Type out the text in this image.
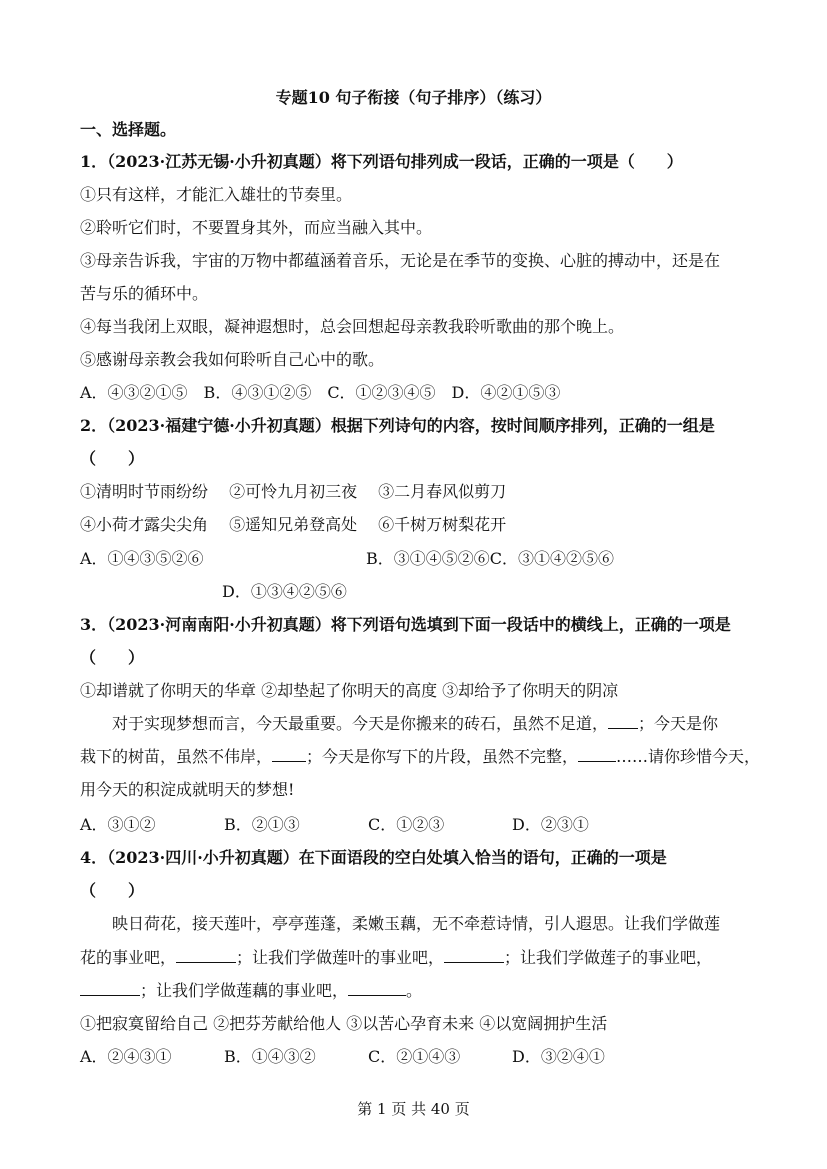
专题10 句子衔接（句子排序）（练习）
一、选择题。
1．（2023·江苏无锡·小升初真题）将下列语句排列成一段话，正确的一项是（　　）
①只有这样，才能汇入雄壮的节奏里。
②聆听它们时，不要置身其外，而应当融入其中。
③母亲告诉我，宇宙的万物中都蕴涵着音乐，无论是在季节的变换、心脏的搏动中，还是在
苦与乐的循环中。
④每当我闭上双眼，凝神遐想时，总会回想起母亲教我聆听歌曲的那个晚上。
⑤感谢母亲教会我如何聆听自己心中的歌。
A．④③②①⑤　B．④③①②⑤　C．①②③④⑤　D．④②①⑤③
2．（2023·福建宁德·小升初真题）根据下列诗句的内容，按时间顺序排列，正确的一组是
（　　）
①清明时节雨纷纷　 ②可怜九月初三夜　 ③二月春风似剪刀
④小荷才露尖尖角　 ⑤遥知兄弟登高处　 ⑥千树万树梨花开
A．①④③⑤②⑥	B．③①④⑤②⑥C．③①④②⑤⑥
D．①③④②⑤⑥
3．（2023·河南南阳·小升初真题）将下列语句选填到下面一段话中的横线上，正确的一项是
（　　）
①却谱就了你明天的华章 ②却垫起了你明天的高度 ③却给予了你明天的阴凉
对于实现梦想而言，今天最重要。今天是你搬来的砖石，虽然不足道， ；今天是你
栽下的树苗，虽然不伟岸， ；今天是你写下的片段，虽然不完整， ……请你珍惜今天，
用今天的积淀成就明天的梦想!
A．③①②	B．②①③	C．①②③	D．②③①
4．（2023·四川·小升初真题）在下面语段的空白处填入恰当的语句，正确的一项是
（　　）
映日荷花，接天莲叶，亭亭莲蓬，柔嫩玉藕，无不牵惹诗情，引人遐思。让我们学做莲
花的事业吧，	；让我们学做莲叶的事业吧，	；让我们学做莲子的事业吧，
；让我们学做莲藕的事业吧，	。
①把寂寞留给自己 ②把芬芳献给他人 ③以苦心孕育未来 ④以宽阔拥护生活
A．②④③①	B．①④③②	C．②①④③	D．③②④①
第 1 页 共 40 页
